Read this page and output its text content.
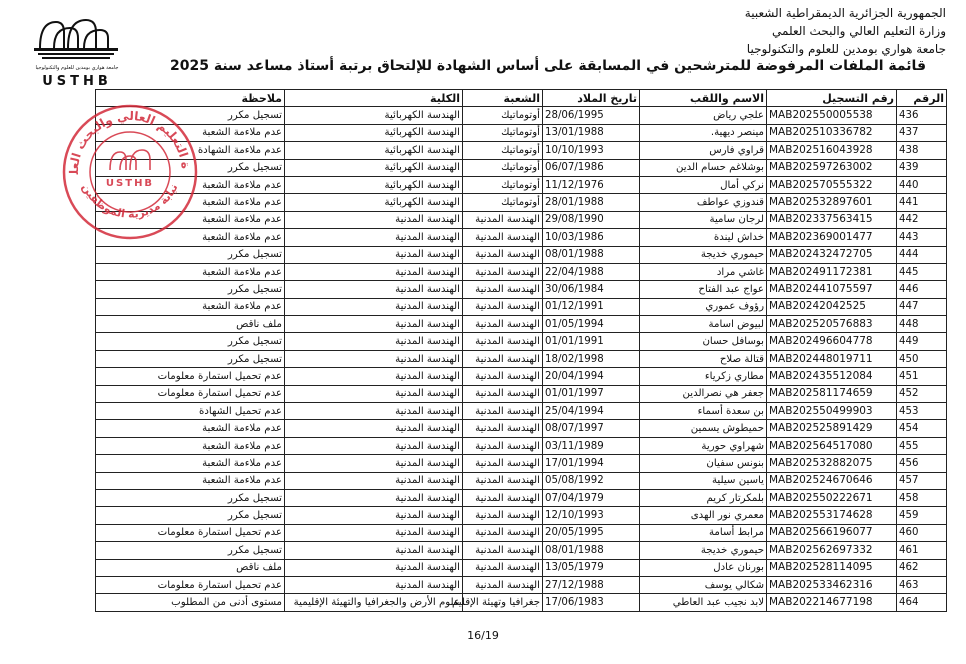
الجمهورية الجزائرية الديمقراطية الشعبية
وزارة التعليم العالي والبحث العلمي
جامعة هواري بومدين للعلوم والتكنولوجيا
جامعة هواري بومدين للعلوم والتكنولوجيا
USTHB
قائمة الملفات المرفوضة للمترشحين في المسابقة على أساس الشهادة للإلتحاق برتبة أستاذ مساعد سنة 2025
الرقم	رقم التسجيل	الاسم واللقب	تاريخ الملاد	الشعبة	الكلية	ملاحظة
436	MAB202550005538	علجي رياض	28/06/1995	أوتوماتيك	الهندسة الكهربائية	تسجيل مكرر
437	MAB202510336782	مينصر ديهية.	13/01/1988	أوتوماتيك	الهندسة الكهربائية	عدم ملاءمة الشعبة
438	MAB202516043928	قراوي فارس	10/10/1993	أوتوماتيك	الهندسة الكهربائية	عدم ملاءمة الشهادة
439	MAB202597263002	بوشلاغم حسام الدين	06/07/1986	أوتوماتيك	الهندسة الكهربائية	تسجيل مكرر
440	MAB202570555322	نركي أمال	11/12/1976	أوتوماتيك	الهندسة الكهربائية	عدم ملاءمة الشعبة
441	MAB202532897601	قندوزي عواطف	28/01/1988	أوتوماتيك	الهندسة الكهربائية	عدم ملاءمة الشعبة
442	MAB202337563415	لرجان سامية	29/08/1990	الهندسة المدنية	الهندسة المدنية	عدم ملاءمة الشعبة
443	MAB202369001477	خداش ليندة	10/03/1986	الهندسة المدنية	الهندسة المدنية	عدم ملاءمة الشعبة
444	MAB202432472705	حيموري خديجة	08/01/1988	الهندسة المدنية	الهندسة المدنية	تسجيل مكرر
445	MAB202491172381	غاشي مراد	22/04/1988	الهندسة المدنية	الهندسة المدنية	عدم ملاءمة الشعبة
446	MAB202441075597	عواج عبد الفتاح	30/06/1984	الهندسة المدنية	الهندسة المدنية	تسجيل مكرر
447	MAB20242042525	رؤوف عموري	01/12/1991	الهندسة المدنية	الهندسة المدنية	عدم ملاءمة الشعبة
448	MAB202520576883	لبيوض اسامة	01/05/1994	الهندسة المدنية	الهندسة المدنية	ملف ناقص
449	MAB202496604778	بوسافل حسان	01/01/1991	الهندسة المدنية	الهندسة المدنية	تسجيل مكرر
450	MAB202448019711	قتالة صلاح	18/02/1998	الهندسة المدنية	الهندسة المدنية	تسجيل مكرر
451	MAB202435512084	مطاري زكرياء	20/04/1994	الهندسة المدنية	الهندسة المدنية	عدم تحميل استمارة معلومات
452	MAB202581174659	جعفر هي نصرالدين	01/01/1997	الهندسة المدنية	الهندسة المدنية	عدم تحميل استمارة معلومات
453	MAB202550499903	بن سعدة أسماء	25/04/1994	الهندسة المدنية	الهندسة المدنية	عدم تحميل الشهادة
454	MAB202525891429	حميطوش يسمين	08/07/1997	الهندسة المدنية	الهندسة المدنية	عدم ملاءمة الشعبة
455	MAB202564517080	شهراوي حورية	03/11/1989	الهندسة المدنية	الهندسة المدنية	عدم ملاءمة الشعبة
456	MAB202532882075	بنونس سفيان	17/01/1994	الهندسة المدنية	الهندسة المدنية	عدم ملاءمة الشعبة
457	MAB202524670646	ياسين سيلية	05/08/1992	الهندسة المدنية	الهندسة المدنية	عدم ملاءمة الشعبة
458	MAB202550222671	بلمكرتار كريم	07/04/1979	الهندسة المدنية	الهندسة المدنية	تسجيل مكرر
459	MAB202553174628	معمري نور الهدى	12/10/1993	الهندسة المدنية	الهندسة المدنية	تسجيل مكرر
460	MAB202566196077	مرابط أسامة	20/05/1995	الهندسة المدنية	الهندسة المدنية	عدم تحميل استمارة معلومات
461	MAB202562697332	حيموري خديجة	08/01/1988	الهندسة المدنية	الهندسة المدنية	تسجيل مكرر
462	MAB202528114095	بورنان عادل	13/05/1979	الهندسة المدنية	الهندسة المدنية	ملف ناقص
463	MAB202533462316	شكالي يوسف	27/12/1988	الهندسة المدنية	الهندسة المدنية	عدم تحميل استمارة معلومات
464	MAB202214677198	لابد نجيب عبد العاطي	17/06/1983	جغرافيا وتهيئة الإقليم	علوم الأرض والجغرافيا والتهيئة الإقليمية	مستوى أدنى من المطلوب
ة التعليم العالي والبحث العل
نيابة مديرية الموظفين
USTHB
16/19
